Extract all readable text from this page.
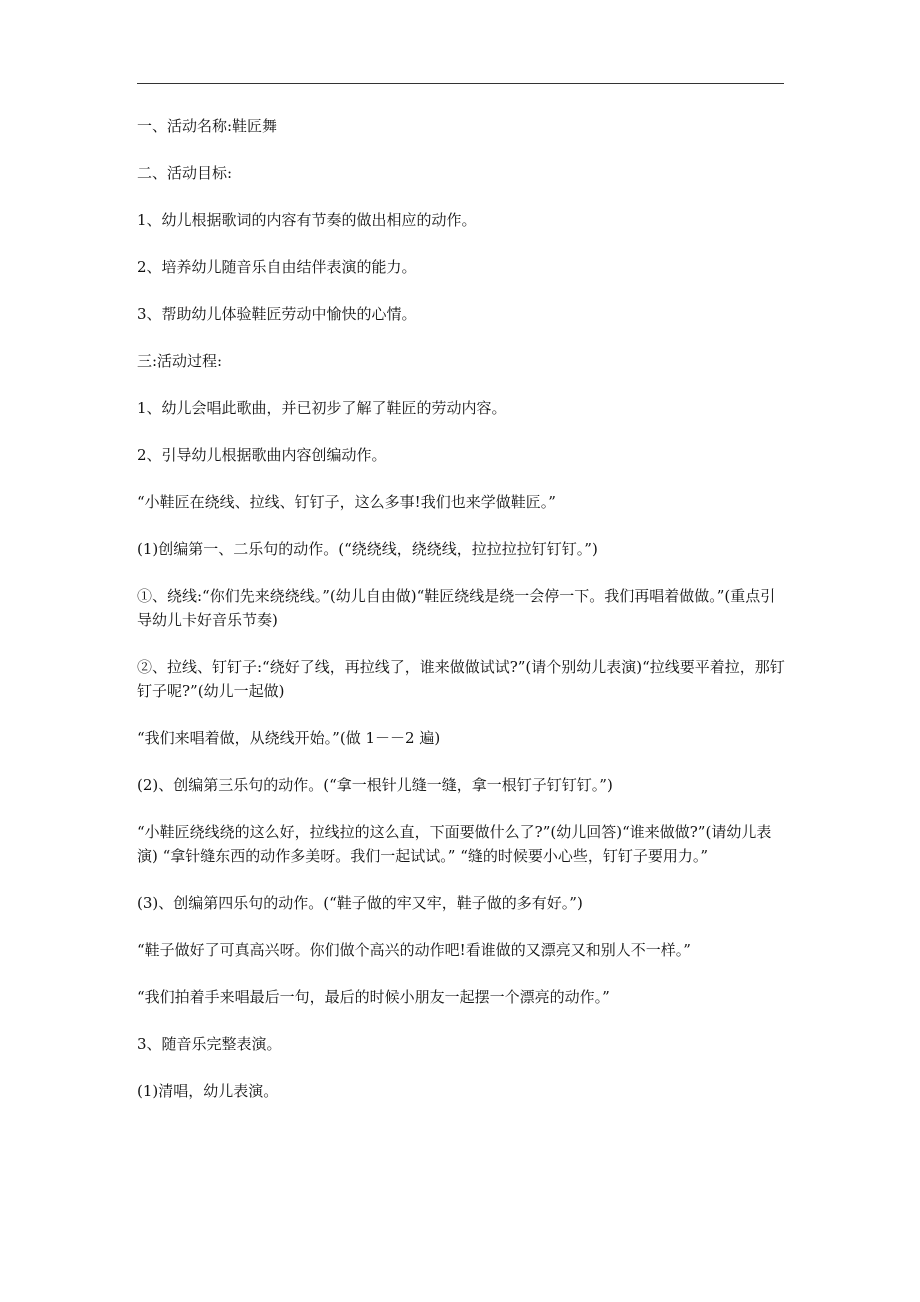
一、活动名称:鞋匠舞

二、活动目标:

1、幼儿根据歌词的内容有节奏的做出相应的动作。

2、培养幼儿随音乐自由结伴表演的能力。

3、帮助幼儿体验鞋匠劳动中愉快的心情。

三:活动过程:

1、幼儿会唱此歌曲，并已初步了解了鞋匠的劳动内容。

2、引导幼儿根据歌曲内容创编动作。

“小鞋匠在绕线、拉线、钉钉子，这么多事!我们也来学做鞋匠。”

(1)创编第一、二乐句的动作。(“绕绕线，绕绕线，拉拉拉拉钉钉钉。”)

①、绕线:“你们先来绕绕线。”(幼儿自由做)“鞋匠绕线是绕一会停一下。我们再唱着做做。”(重点引导幼儿卡好音乐节奏)

②、拉线、钉钉子:“绕好了线，再拉线了，谁来做做试试?”(请个别幼儿表演)“拉线要平着拉，那钉钉子呢?”(幼儿一起做)

“我们来唱着做，从绕线开始。”(做 1－－2 遍)

(2)、创编第三乐句的动作。(“拿一根针儿缝一缝，拿一根钉子钉钉钉。”)

“小鞋匠绕线绕的这么好，拉线拉的这么直，下面要做什么了?”(幼儿回答)“谁来做做?”(请幼儿表演) “拿针缝东西的动作多美呀。我们一起试试。” “缝的时候要小心些，钉钉子要用力。”

(3)、创编第四乐句的动作。(“鞋子做的牢又牢，鞋子做的多有好。”)

“鞋子做好了可真高兴呀。你们做个高兴的动作吧!看谁做的又漂亮又和别人不一样。”

“我们拍着手来唱最后一句，最后的时候小朋友一起摆一个漂亮的动作。”

3、随音乐完整表演。

(1)清唱，幼儿表演。
